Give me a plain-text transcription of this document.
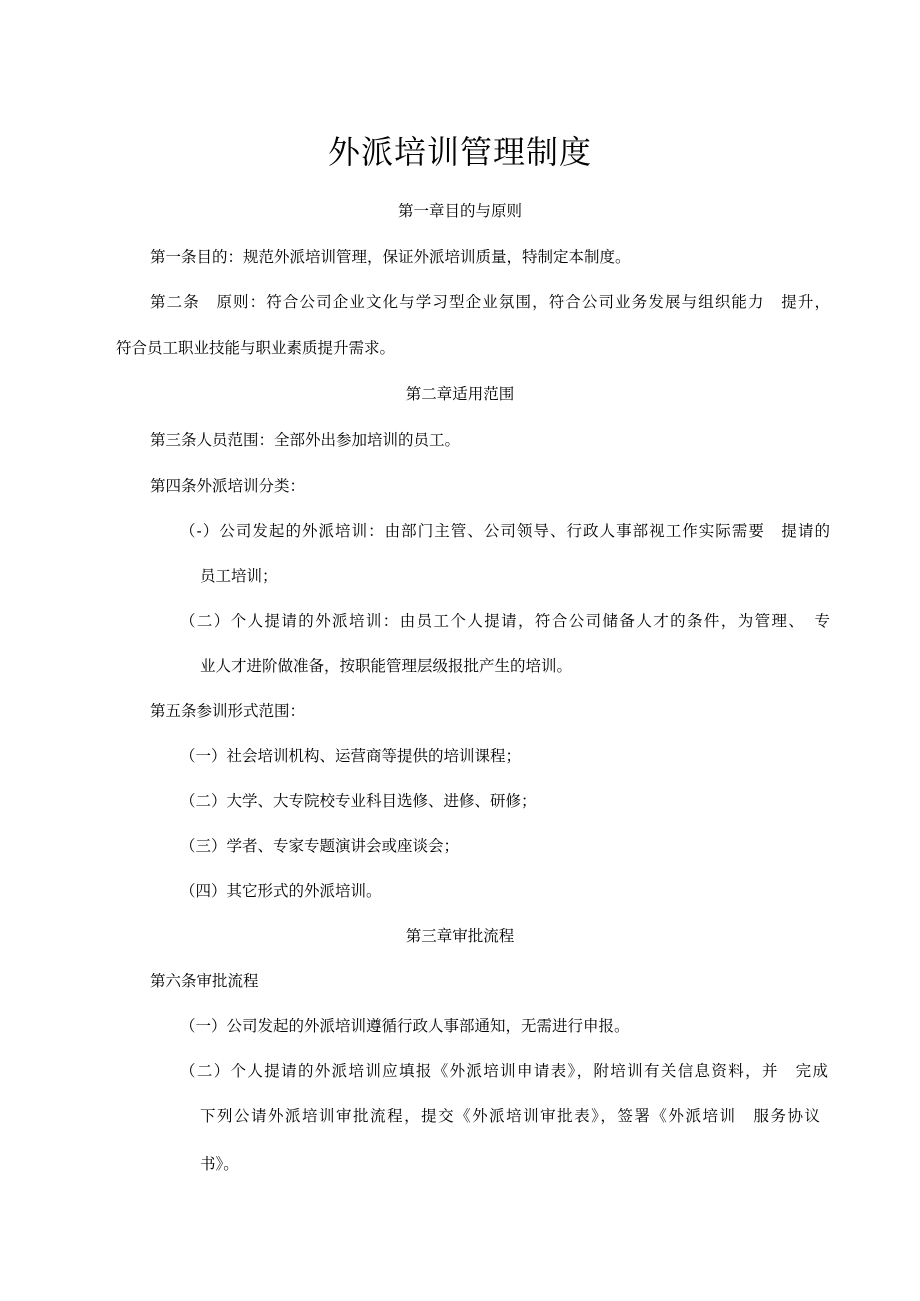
外派培训管理制度
第一章目的与原则
第一条目的：规范外派培训管理，保证外派培训质量，特制定本制度。
第二条　原则：符合公司企业文化与学习型企业氛围，符合公司业务发展与组织能力　提升，
符合员工职业技能与职业素质提升需求。
第二章适用范围
第三条人员范围：全部外出参加培训的员工。
第四条外派培训分类：
（-）公司发起的外派培训：由部门主管、公司领导、行政人事部视工作实际需要　提请的
员工培训；
（二）个人提请的外派培训：由员工个人提请，符合公司储备人才的条件，为管理、　专
业人才进阶做准备，按职能管理层级报批产生的培训。
第五条参训形式范围：
（一）社会培训机构、运营商等提供的培训课程；
（二）大学、大专院校专业科目选修、进修、研修；
（三）学者、专家专题演讲会或座谈会；
（四）其它形式的外派培训。
第三章审批流程
第六条审批流程
（一）公司发起的外派培训遵循行政人事部通知，无需进行申报。
（二）个人提请的外派培训应填报《外派培训申请表》，附培训有关信息资料，并　完成
下列公请外派培训审批流程，提交《外派培训审批表》，签署《外派培训　服务协议
书》。
